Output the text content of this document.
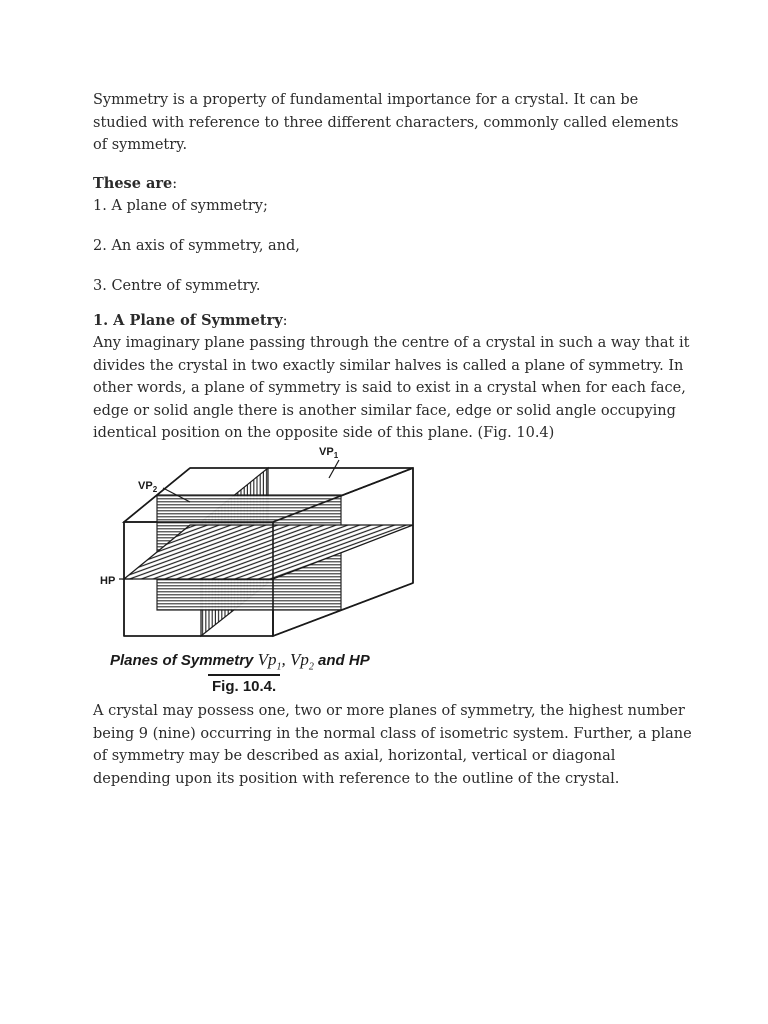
Symmetry is a property of fundamental importance for a crystal. It can be studied with reference to three different characters, commonly called elements of symmetry.

These are:

1. A plane of symmetry;

2. An axis of symmetry, and,

3. Centre of symmetry.

1. A Plane of Symmetry:

Any imaginary plane passing through the centre of a crystal in such a way that it divides the crystal in two exactly similar halves is called a plane of symmetry. In other words, a plane of symmetry is said to exist in a crystal when for each face, edge or solid angle there is another similar face, edge or solid angle occupying identical position on the opposite side of this plane. (Fig. 10.4)

$VP_1$
$VP_2$
HP
Planes of Symmetry $Vp_1$, $Vp_2$ and HP
Fig. 10.4.

A crystal may possess one, two or more planes of symmetry, the highest number being 9 (nine) occurring in the normal class of isometric system. Further, a plane of symmetry may be described as axial, horizontal, vertical or diagonal depending upon its position with reference to the outline of the crystal.
